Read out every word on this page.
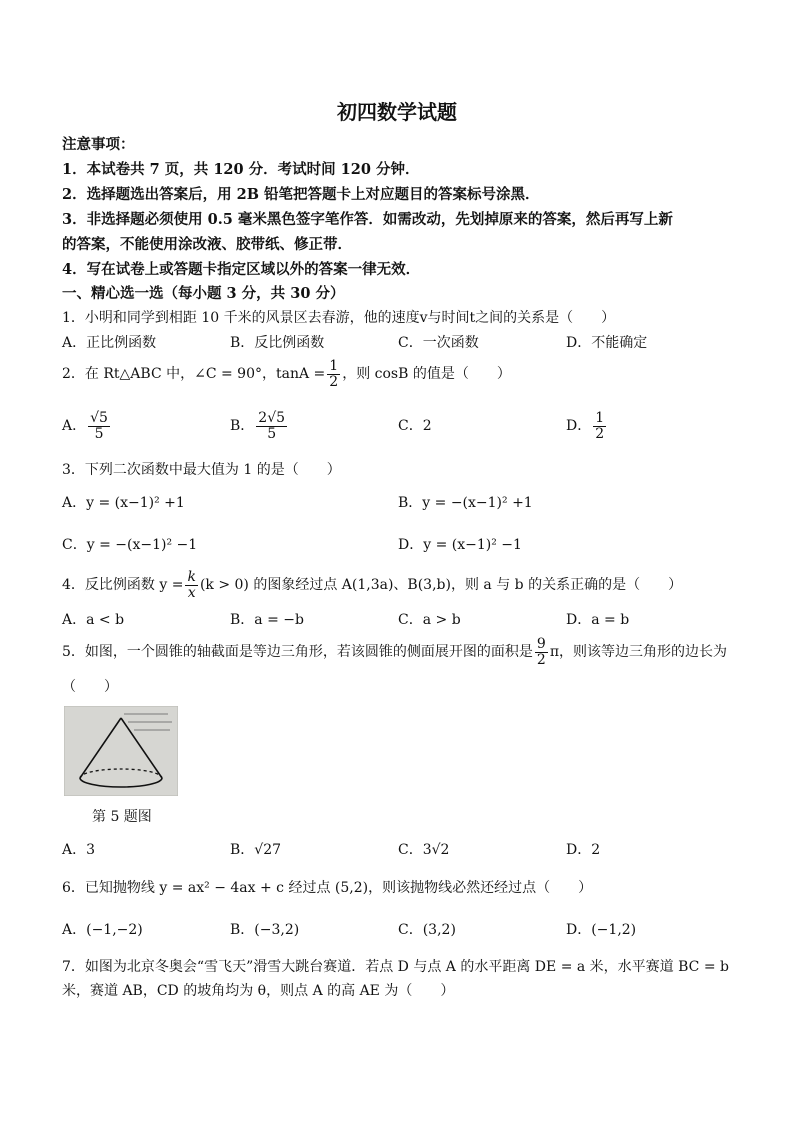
初四数学试题
注意事项：
1．本试卷共 7 页，共 120 分．考试时间 120 分钟．
2．选择题选出答案后，用 2B 铅笔把答题卡上对应题目的答案标号涂黑．
3．非选择题必须使用 0.5 毫米黑色签字笔作答．如需改动，先划掉原来的答案，然后再写上新
的答案，不能使用涂改液、胶带纸、修正带．
4．写在试卷上或答题卡指定区域以外的答案一律无效．
一、精心选一选（每小题 3 分，共 30 分）
1．小明和同学到相距 10 千米的风景区去春游，他的速度v与时间t之间的关系是（　　）
A．正比例函数	B．反比例函数	C．一次函数	D．不能确定
2．在 Rt△ABC 中，∠C = 90°，$\tan A = \frac{1}{2}$ ，则 cosB 的值是（　　）
A． $\frac{√5}{5}$	B． $\frac{2√5}{5}$	C．2	D． $\frac{1}{2}$
3．下列二次函数中最大值为 1 的是（　　）
A．y = (x−1)² +1	B．y = −(x−1)² +1
C．y = −(x−1)² −1	D．y = (x−1)² −1
4．反比例函数 $y = \frac{k}{x} (k > 0)$ 的图象经过点 A(1,3a)、B(3,b)，则 a 与 b 的关系正确的是（　　）
A．a < b	B．a = −b	C．a > b	D．a = b
5．如图，一个圆锥的轴截面是等边三角形，若该圆锥的侧面展开图的面积是 $\frac{9}{2}$ π，则该等边三角形的边长为
（　　）
第 5 题图
A．3	B．√27	C．3√2	D．2
6．已知抛物线 y = ax² − 4ax + c 经过点 (5,2)，则该抛物线必然还经过点（　　）
A．(−1,−2)	B．(−3,2)	C．(3,2)	D．(−1,2)
7．如图为北京冬奥会“雪飞天”滑雪大跳台赛道．若点 D 与点 A 的水平距离 DE = a 米，水平赛道 BC = b
米，赛道 AB，CD 的坡角均为 θ，则点 A 的高 AE 为（　　）
